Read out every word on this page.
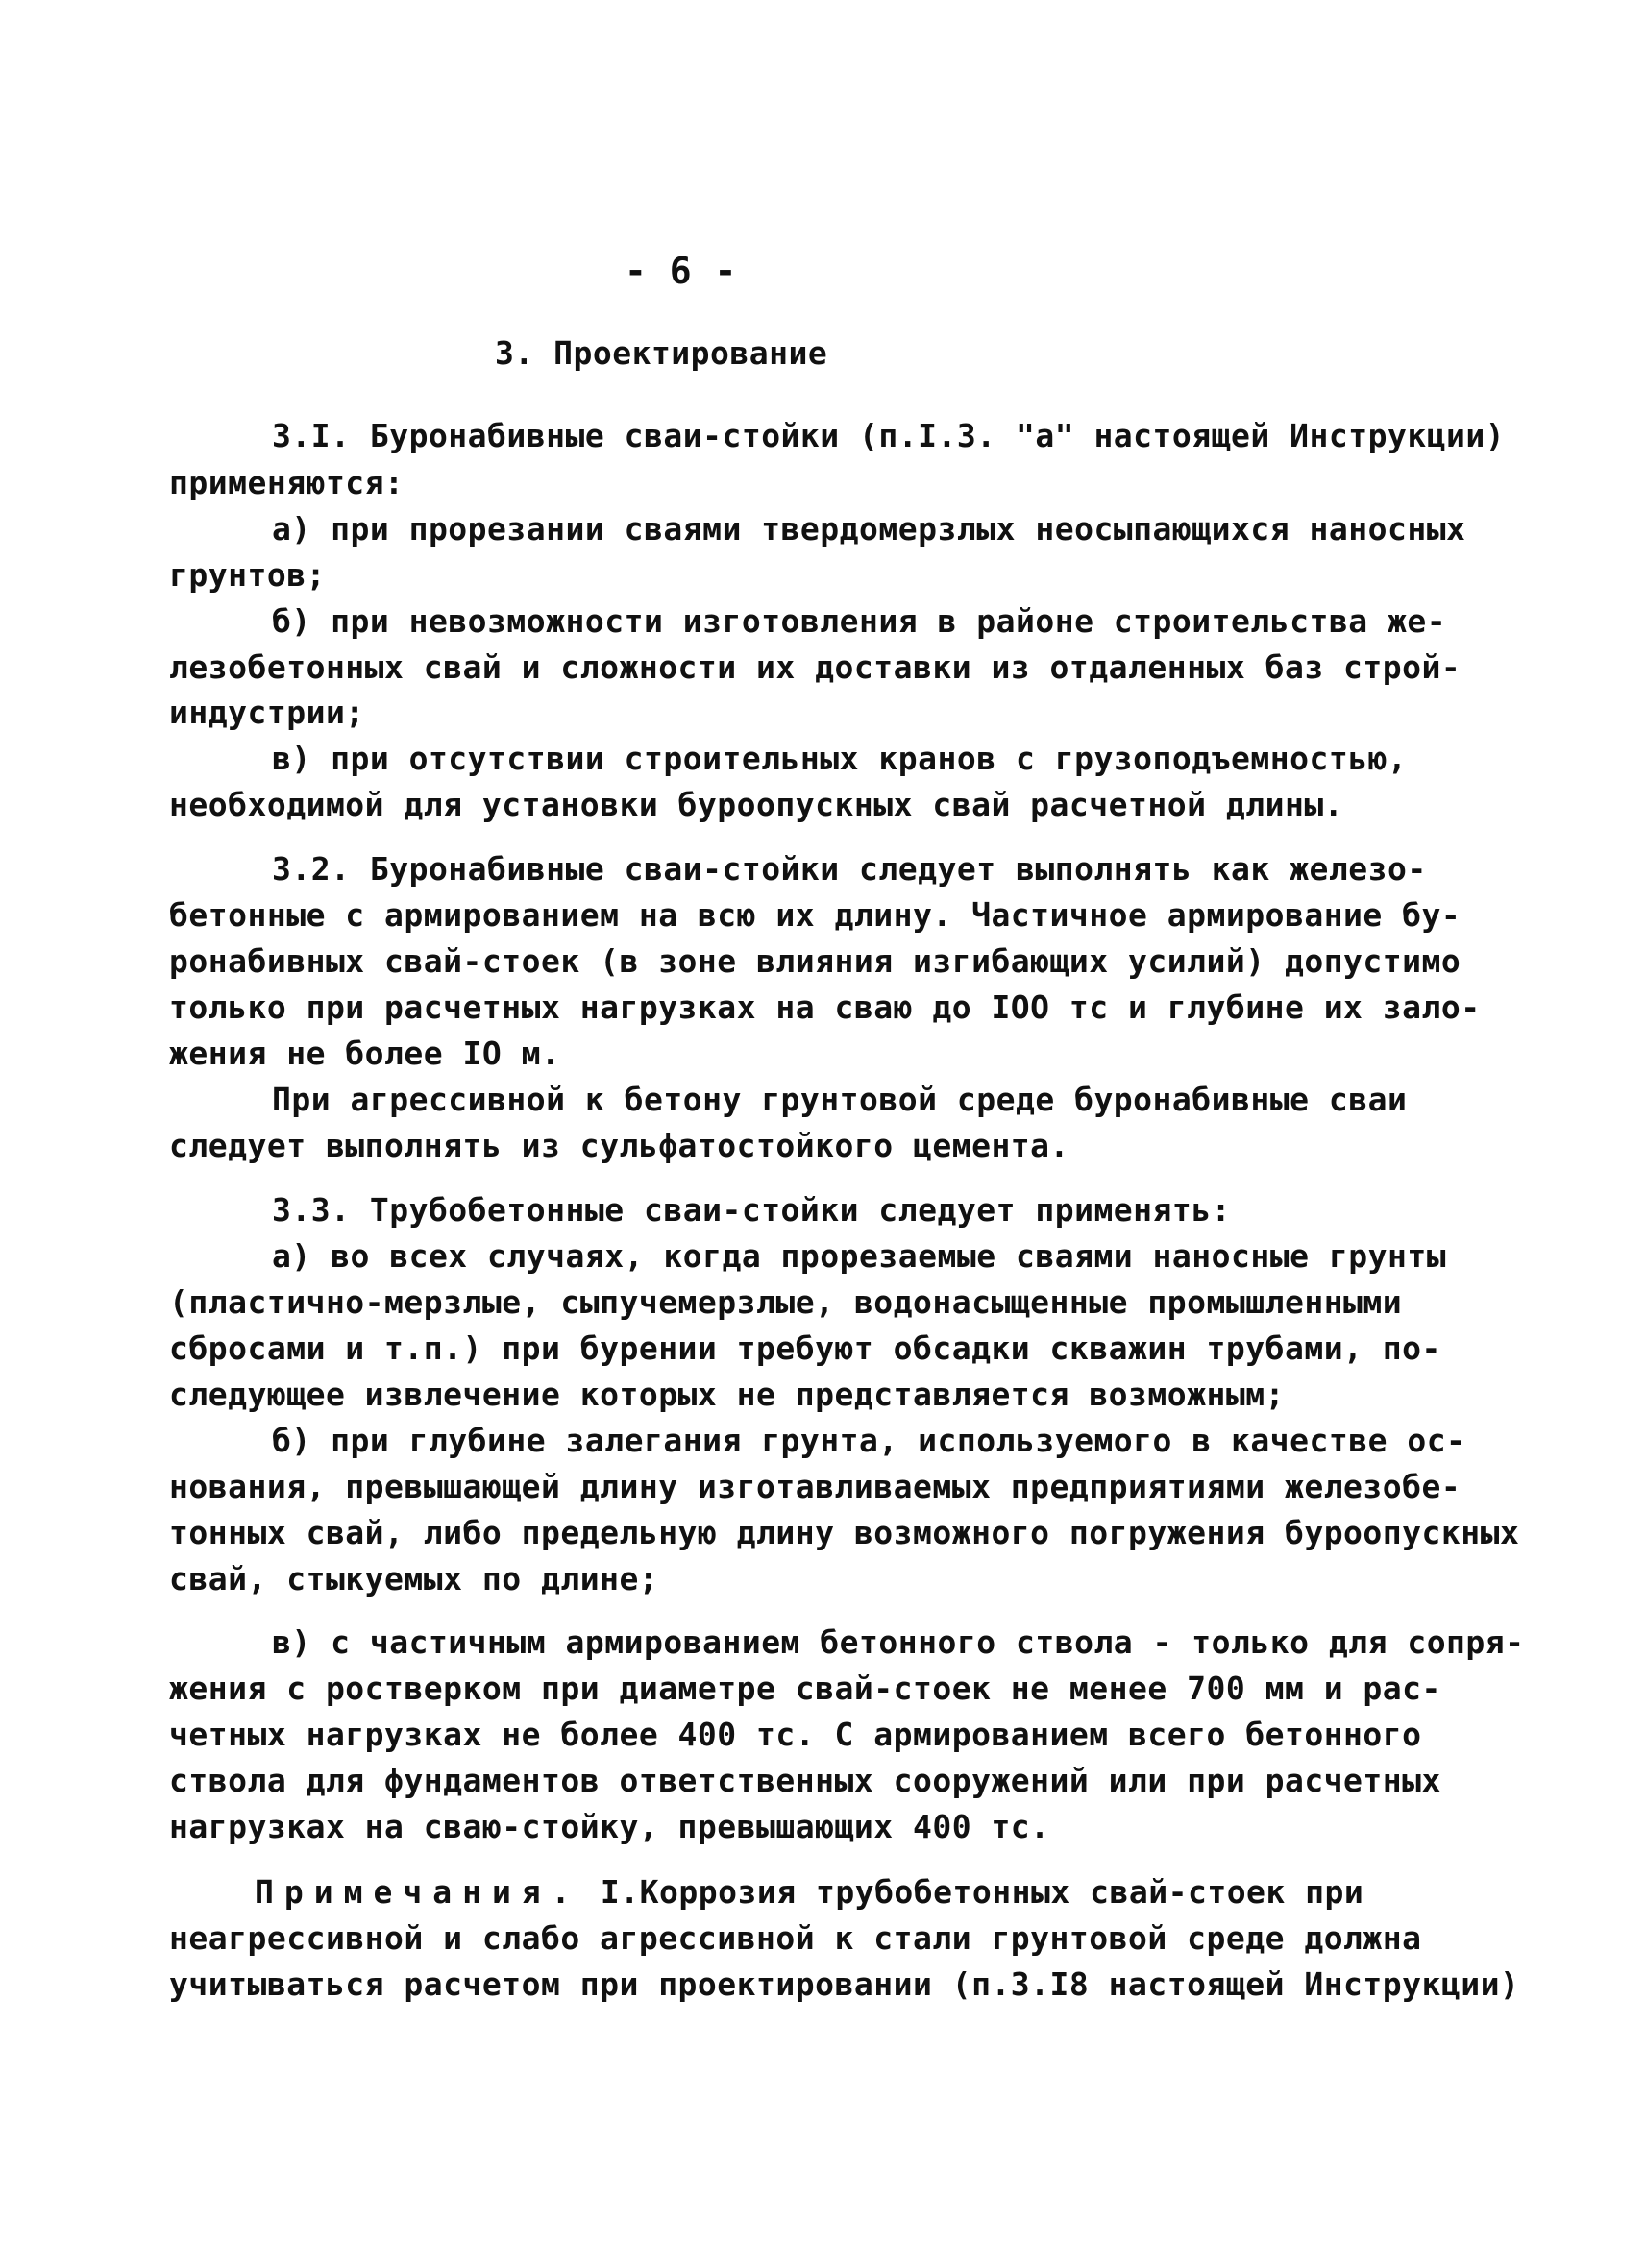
- 6 -
3. Проектирование
3.I. Буронабивные сваи-стойки (п.I.3. "а" настоящей Инструкции)
применяются:
а) при прорезании сваями твердомерзлых неосыпающихся наносных
грунтов;
б) при невозможности изготовления в районе строительства же-
лезобетонных свай и сложности их доставки из отдаленных баз строй-
индустрии;
в) при отсутствии строительных кранов с грузоподъемностью,
необходимой для установки буроопускных свай расчетной длины.
3.2. Буронабивные сваи-стойки следует выполнять как железо-
бетонные с армированием на всю их длину. Частичное армирование бу-
ронабивных свай-стоек (в зоне влияния изгибающих усилий) допустимо
только при расчетных нагрузках на сваю до IOO тс и глубине их зало-
жения не более IO м.
При агрессивной к бетону грунтовой среде буронабивные сваи
следует выполнять из сульфатостойкого цемента.
3.3. Трубобетонные сваи-стойки следует применять:
а) во всех случаях, когда прорезаемые сваями наносные грунты
(пластично-мерзлые, сыпучемерзлые, водонасыщенные промышленными
сбросами и т.п.) при бурении требуют обсадки скважин трубами, по-
следующее извлечение которых не представляется возможным;
б) при глубине залегания грунта, используемого в качестве ос-
нования, превышающей длину изготавливаемых предприятиями железобе-
тонных свай, либо предельную длину возможного погружения буроопускных
свай, стыкуемых по длине;
в) с частичным армированием бетонного ствола - только для сопря-
жения с ростверком при диаметре свай-стоек не менее 700 мм и рас-
четных нагрузках не более 400 тс. С армированием всего бетонного
ствола для фундаментов ответственных сооружений или при расчетных
нагрузках на сваю-стойку, превышающих 400 тс.
Примечания. I.Коррозия трубобетонных свай-стоек при
неагрессивной и слабо агрессивной к стали грунтовой среде должна
учитываться расчетом при проектировании (п.3.I8 настоящей Инструкции)
